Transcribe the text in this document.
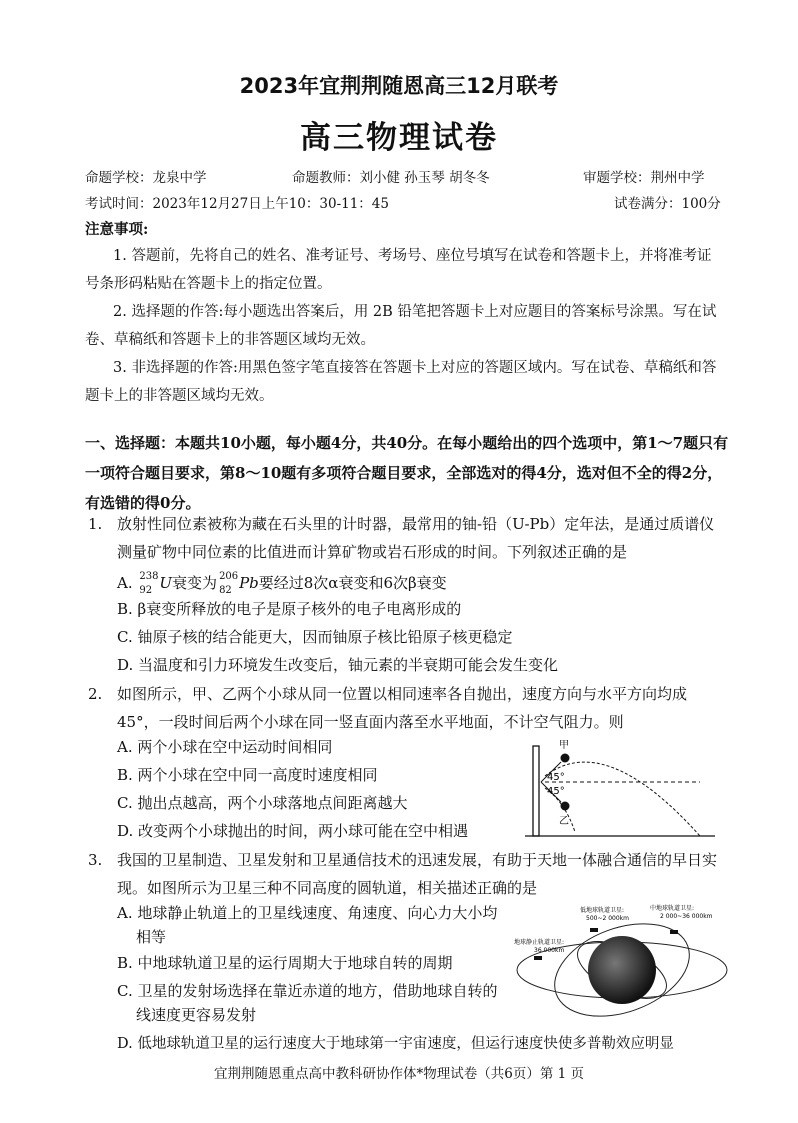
2023年宜荆荆随恩高三12月联考
高三物理试卷
命题学校：龙泉中学	命题教师：刘小健 孙玉琴 胡冬冬	审题学校：荆州中学
考试时间：2023年12月27日上午10：30-11：45	试卷满分：100分
注意事项:
1. 答题前，先将自己的姓名、准考证号、考场号、座位号填写在试卷和答题卡上，并将准考证号条形码粘贴在答题卡上的指定位置。
2. 选择题的作答:每小题选出答案后，用 2B 铅笔把答题卡上对应题目的答案标号涂黑。写在试卷、草稿纸和答题卡上的非答题区域均无效。
3. 非选择题的作答:用黑色签字笔直接答在答题卡上对应的答题区域内。写在试卷、草稿纸和答题卡上的非答题区域均无效。
一、选择题：本题共10小题，每小题4分，共40分。在每小题给出的四个选项中，第1～7题只有一项符合题目要求，第8～10题有多项符合题目要求，全部选对的得4分，选对但不全的得2分，有选错的得0分。
1. 放射性同位素被称为藏在石头里的计时器，最常用的铀-铅（U-Pb）定年法，是通过质谱仪测量矿物中同位素的比值进而计算矿物或岩石形成的时间。下列叙述正确的是
A. 238
92 U衰变为 206
82 Pb要经过8次α衰变和6次β衰变
B. β衰变所释放的电子是原子核外的电子电离形成的
C. 铀原子核的结合能更大，因而铀原子核比铅原子核更稳定
D. 当温度和引力环境发生改变后，铀元素的半衰期可能会发生变化
2. 如图所示，甲、乙两个小球从同一位置以相同速率各自抛出，速度方向与水平方向均成45°，一段时间后两个小球在同一竖直面内落至水平地面，不计空气阻力。则
A. 两个小球在空中运动时间相同
B. 两个小球在空中同一高度时速度相同
C. 抛出点越高，两个小球落地点间距离越大
D. 改变两个小球抛出的时间，两小球可能在空中相遇
甲
乙
45°
45°
3. 我国的卫星制造、卫星发射和卫星通信技术的迅速发展，有助于天地一体融合通信的早日实现。如图所示为卫星三种不同高度的圆轨道，相关描述正确的是
A. 地球静止轨道上的卫星线速度、角速度、向心力大小均
相等
B. 中地球轨道卫星的运行周期大于地球自转的周期
C. 卫星的发射场选择在靠近赤道的地方，借助地球自转的
线速度更容易发射
D. 低地球轨道卫星的运行速度大于地球第一宇宙速度，但运行速度快使多普勒效应明显
低地球轨道卫星:
500~2 000km
中地球轨道卫星:
2 000~36 000km
地球静止轨道卫星:
36 000km
宜荆荆随恩重点高中教科研协作体*物理试卷（共6页）第 1 页
